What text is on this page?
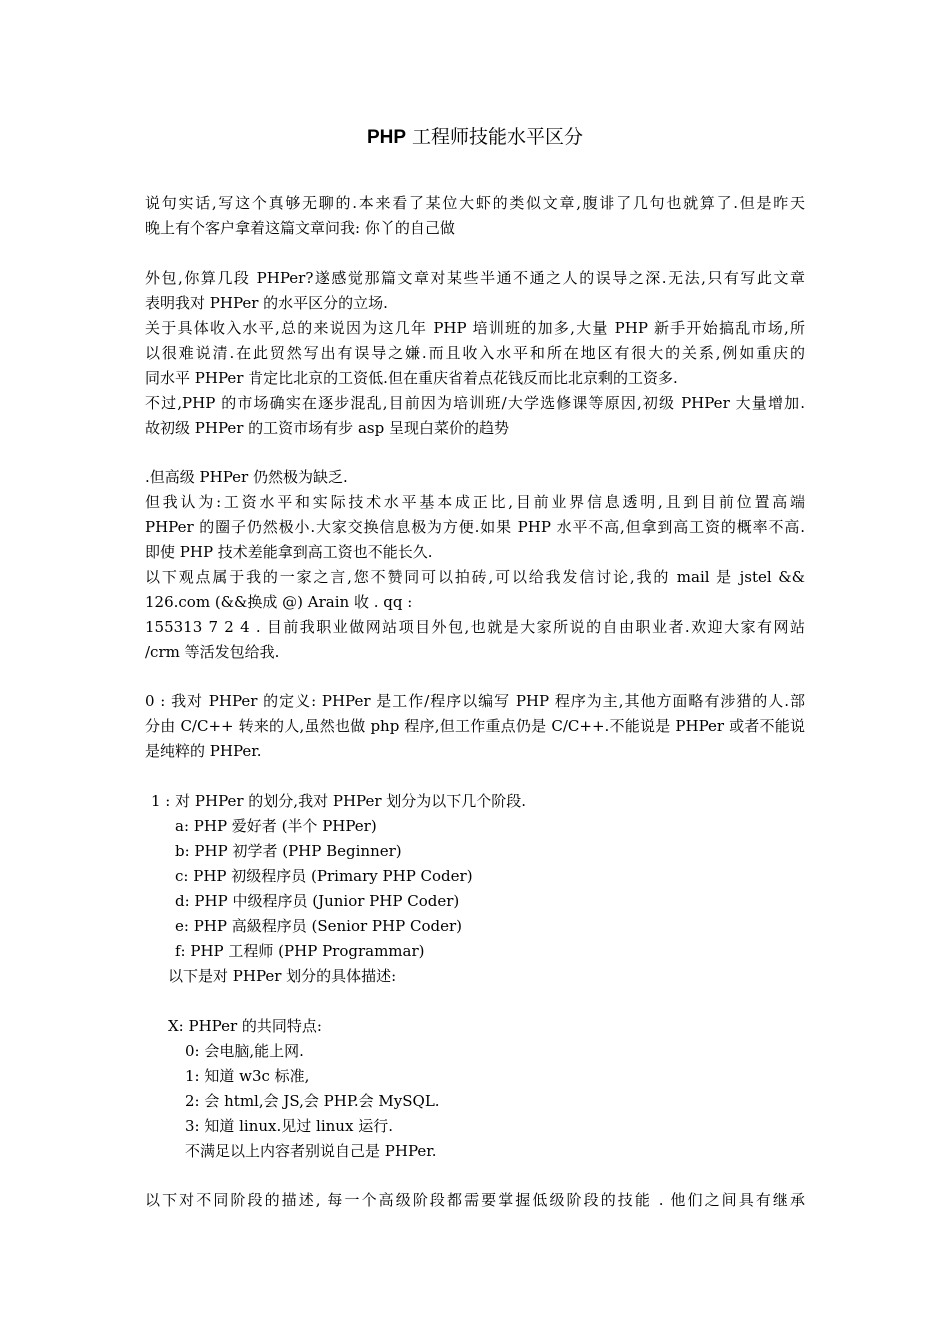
PHP 工程师技能水平区分
说句实话,写这个真够无聊的.本来看了某位大虾的类似文章,腹诽了几句也就算了.但是昨天
晚上有个客户拿着这篇文章问我: 你丫的自己做
外包,你算几段 PHPer?遂感觉那篇文章对某些半通不通之人的误导之深.无法,只有写此文章
表明我对 PHPer 的水平区分的立场.
关于具体收入水平,总的来说因为这几年 PHP 培训班的加多,大量 PHP 新手开始搞乱市场,所
以很难说清.在此贸然写出有误导之嫌.而且收入水平和所在地区有很大的关系,例如重庆的
同水平 PHPer 肯定比北京的工资低.但在重庆省着点花钱反而比北京剩的工资多.
不过,PHP 的市场确实在逐步混乱,目前因为培训班/大学选修课等原因,初级 PHPer 大量增加.
故初级 PHPer 的工资市场有步 asp 呈现白菜价的趋势
.但高级 PHPer 仍然极为缺乏.
但我认为:工资水平和实际技术水平基本成正比,目前业界信息透明,且到目前位置高端
PHPer 的圈子仍然极小.大家交换信息极为方便.如果 PHP 水平不高,但拿到高工资的概率不高.
即使 PHP 技术差能拿到高工资也不能长久.
以下观点属于我的一家之言,您不赞同可以拍砖,可以给我发信讨论,我的 mail 是 jstel &&
126.com (&&换成 @) Arain 收 . qq :
155313 7 2 4 . 目前我职业做网站项目外包,也就是大家所说的自由职业者.欢迎大家有网站
/crm 等活发包给我.
0 : 我对 PHPer 的定义: PHPer 是工作/程序以编写 PHP 程序为主,其他方面略有涉猎的人.部
分由 C/C++ 转来的人,虽然也做 php 程序,但工作重点仍是 C/C++.不能说是 PHPer 或者不能说
是纯粹的 PHPer.
1 : 对 PHPer 的划分,我对 PHPer 划分为以下几个阶段.
a: PHP 爱好者 (半个 PHPer)
b: PHP 初学者 (PHP Beginner)
c: PHP 初级程序员 (Primary PHP Coder)
d: PHP 中级程序员 (Junior PHP Coder)
e: PHP 高級程序员 (Senior PHP Coder)
f: PHP 工程师 (PHP Programmar)
以下是对 PHPer 划分的具体描述:
X: PHPer 的共同特点:
0: 会电脑,能上网.
1: 知道 w3c 标准,
2: 会 html,会 JS,会 PHP.会 MySQL.
3: 知道 linux.见过 linux 运行.
不满足以上内容者别说自己是 PHPer.
以下对不同阶段的描述, 每一个高级阶段都需要掌握低级阶段的技能 . 他们之间具有继承
